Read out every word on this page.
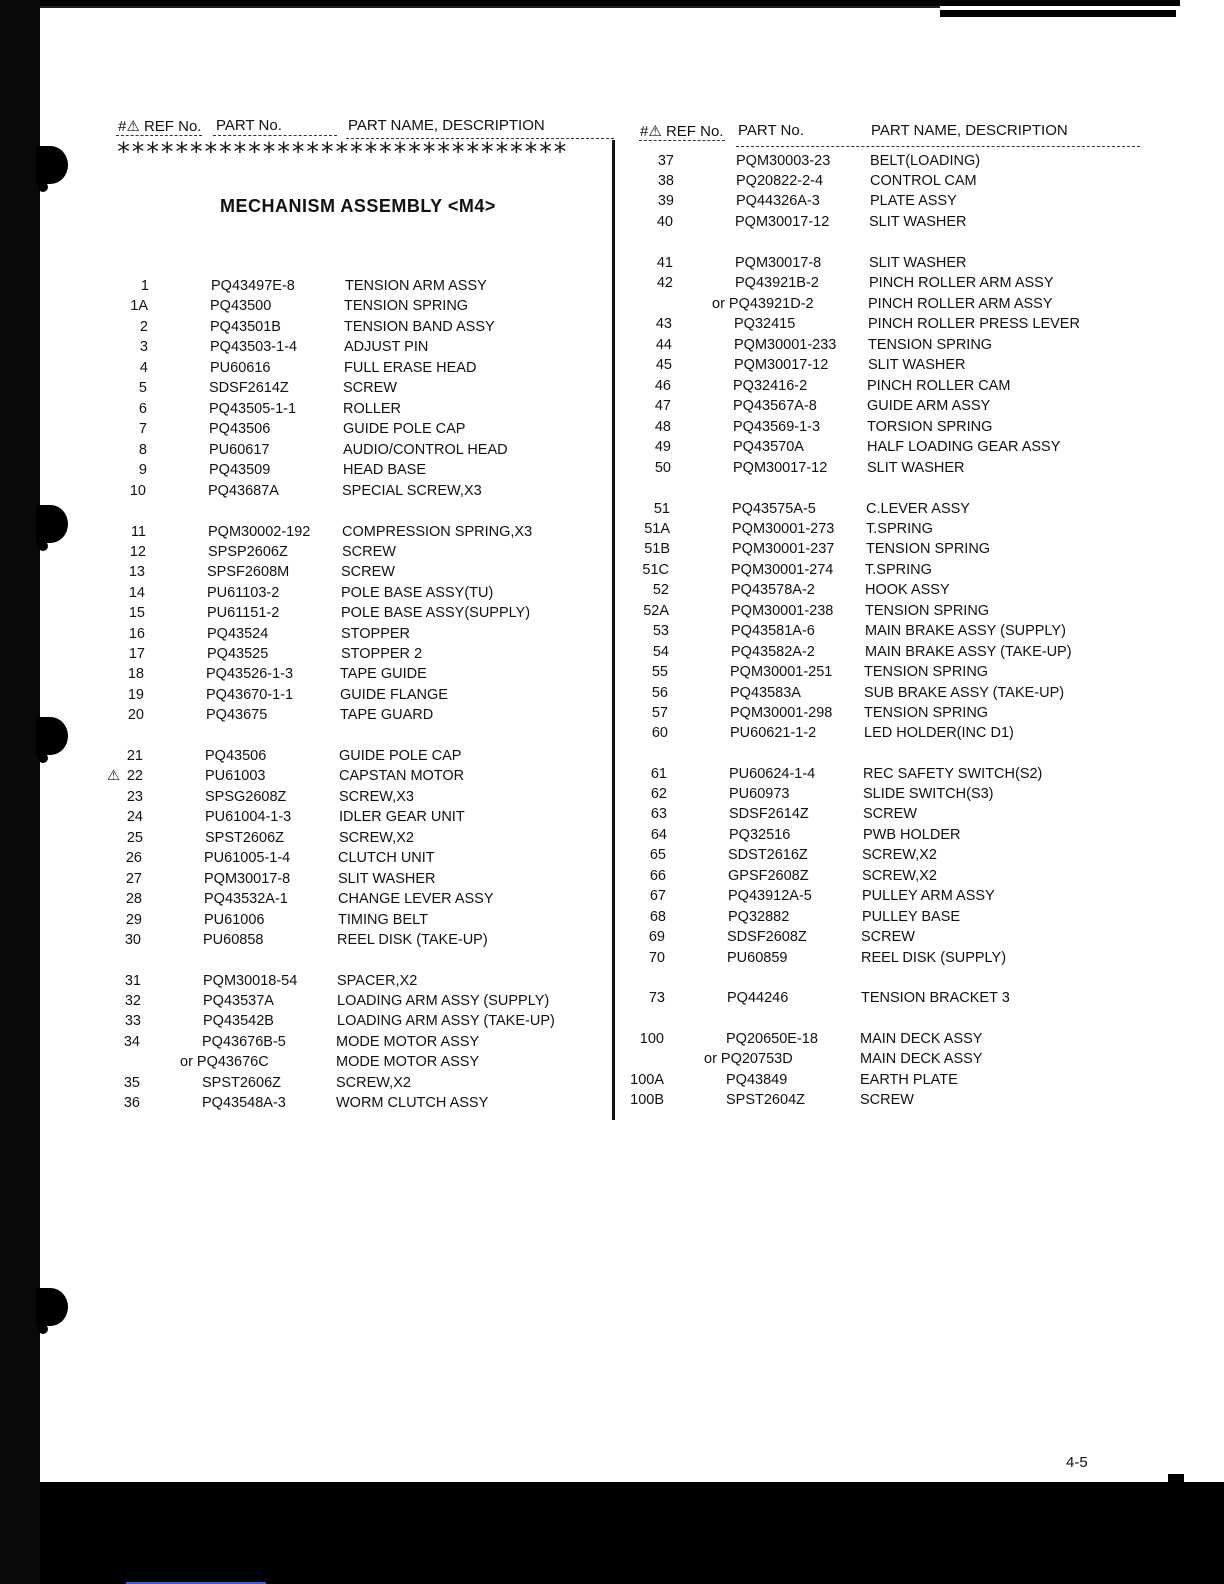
#⚠ REF No. PART No.	PART NAME, DESCRIPTION
*******************************
MECHANISM ASSEMBLY <M4>
#⚠ REF No. PART No.	PART NAME, DESCRIPTION
1	PQ43497E-8	TENSION ARM ASSY
1A	PQ43500	TENSION SPRING
2	PQ43501B	TENSION BAND ASSY
3	PQ43503-1-4	ADJUST PIN
4	PU60616	FULL ERASE HEAD
5	SDSF2614Z	SCREW
6	PQ43505-1-1	ROLLER
7	PQ43506	GUIDE POLE CAP
8	PU60617	AUDIO/CONTROL HEAD
9	PQ43509	HEAD BASE
10	PQ43687A	SPECIAL SCREW,X3
11	PQM30002-192 COMPRESSION SPRING,X3
12	SPSP2606Z	SCREW
13	SPSF2608M	SCREW
14	PU61103-2	POLE BASE ASSY(TU)
15	PU61151-2	POLE BASE ASSY(SUPPLY)
16	PQ43524	STOPPER
17	PQ43525	STOPPER 2
18	PQ43526-1-3	TAPE GUIDE
19	PQ43670-1-1	GUIDE FLANGE
20	PQ43675	TAPE GUARD
21	PQ43506	GUIDE POLE CAP
⚠ 22	PU61003	CAPSTAN MOTOR
23	SPSG2608Z	SCREW,X3
24	PU61004-1-3	IDLER GEAR UNIT
25	SPST2606Z	SCREW,X2
26	PU61005-1-4	CLUTCH UNIT
27	PQM30017-8	SLIT WASHER
28	PQ43532A-1	CHANGE LEVER ASSY
29	PU61006	TIMING BELT
30	PU60858	REEL DISK (TAKE-UP)
31	PQM30018-54	SPACER,X2
32	PQ43537A	LOADING ARM ASSY (SUPPLY)
33	PQ43542B	LOADING ARM ASSY (TAKE-UP)
34	PQ43676B-5	MODE MOTOR ASSY
or PQ43676C	MODE MOTOR ASSY
35	SPST2606Z	SCREW,X2
36	PQ43548A-3	WORM CLUTCH ASSY
37	PQM30003-23	BELT(LOADING)
38	PQ20822-2-4	CONTROL CAM
39	PQ44326A-3	PLATE ASSY
40	PQM30017-12	SLIT WASHER
41	PQM30017-8	SLIT WASHER
42	PQ43921B-2	PINCH ROLLER ARM ASSY
or PQ43921D-2	PINCH ROLLER ARM ASSY
43	PQ32415	PINCH ROLLER PRESS LEVER
44	PQM30001-233 TENSION SPRING
45	PQM30017-12	SLIT WASHER
46	PQ32416-2	PINCH ROLLER CAM
47	PQ43567A-8	GUIDE ARM ASSY
48	PQ43569-1-3	TORSION SPRING
49	PQ43570A	HALF LOADING GEAR ASSY
50	PQM30017-12	SLIT WASHER
51	PQ43575A-5	C.LEVER ASSY
51A	PQM30001-273 T.SPRING
51B	PQM30001-237 TENSION SPRING
51C	PQM30001-274 T.SPRING
52	PQ43578A-2	HOOK ASSY
52A	PQM30001-238 TENSION SPRING
53	PQ43581A-6	MAIN BRAKE ASSY (SUPPLY)
54	PQ43582A-2	MAIN BRAKE ASSY (TAKE-UP)
55	PQM30001-251 TENSION SPRING
56	PQ43583A	SUB BRAKE ASSY (TAKE-UP)
57	PQM30001-298 TENSION SPRING
60	PU60621-1-2	LED HOLDER(INC D1)
61	PU60624-1-4	REC SAFETY SWITCH(S2)
62	PU60973	SLIDE SWITCH(S3)
63	SDSF2614Z	SCREW
64	PQ32516	PWB HOLDER
65	SDST2616Z	SCREW,X2
66	GPSF2608Z	SCREW,X2
67	PQ43912A-5	PULLEY ARM ASSY
68	PQ32882	PULLEY BASE
69	SDSF2608Z	SCREW
70	PU60859	REEL DISK (SUPPLY)
73	PQ44246	TENSION BRACKET 3
100	PQ20650E-18	MAIN DECK ASSY
or PQ20753D	MAIN DECK ASSY
100A	PQ43849	EARTH PLATE
100B	SPST2604Z	SCREW
4-5
